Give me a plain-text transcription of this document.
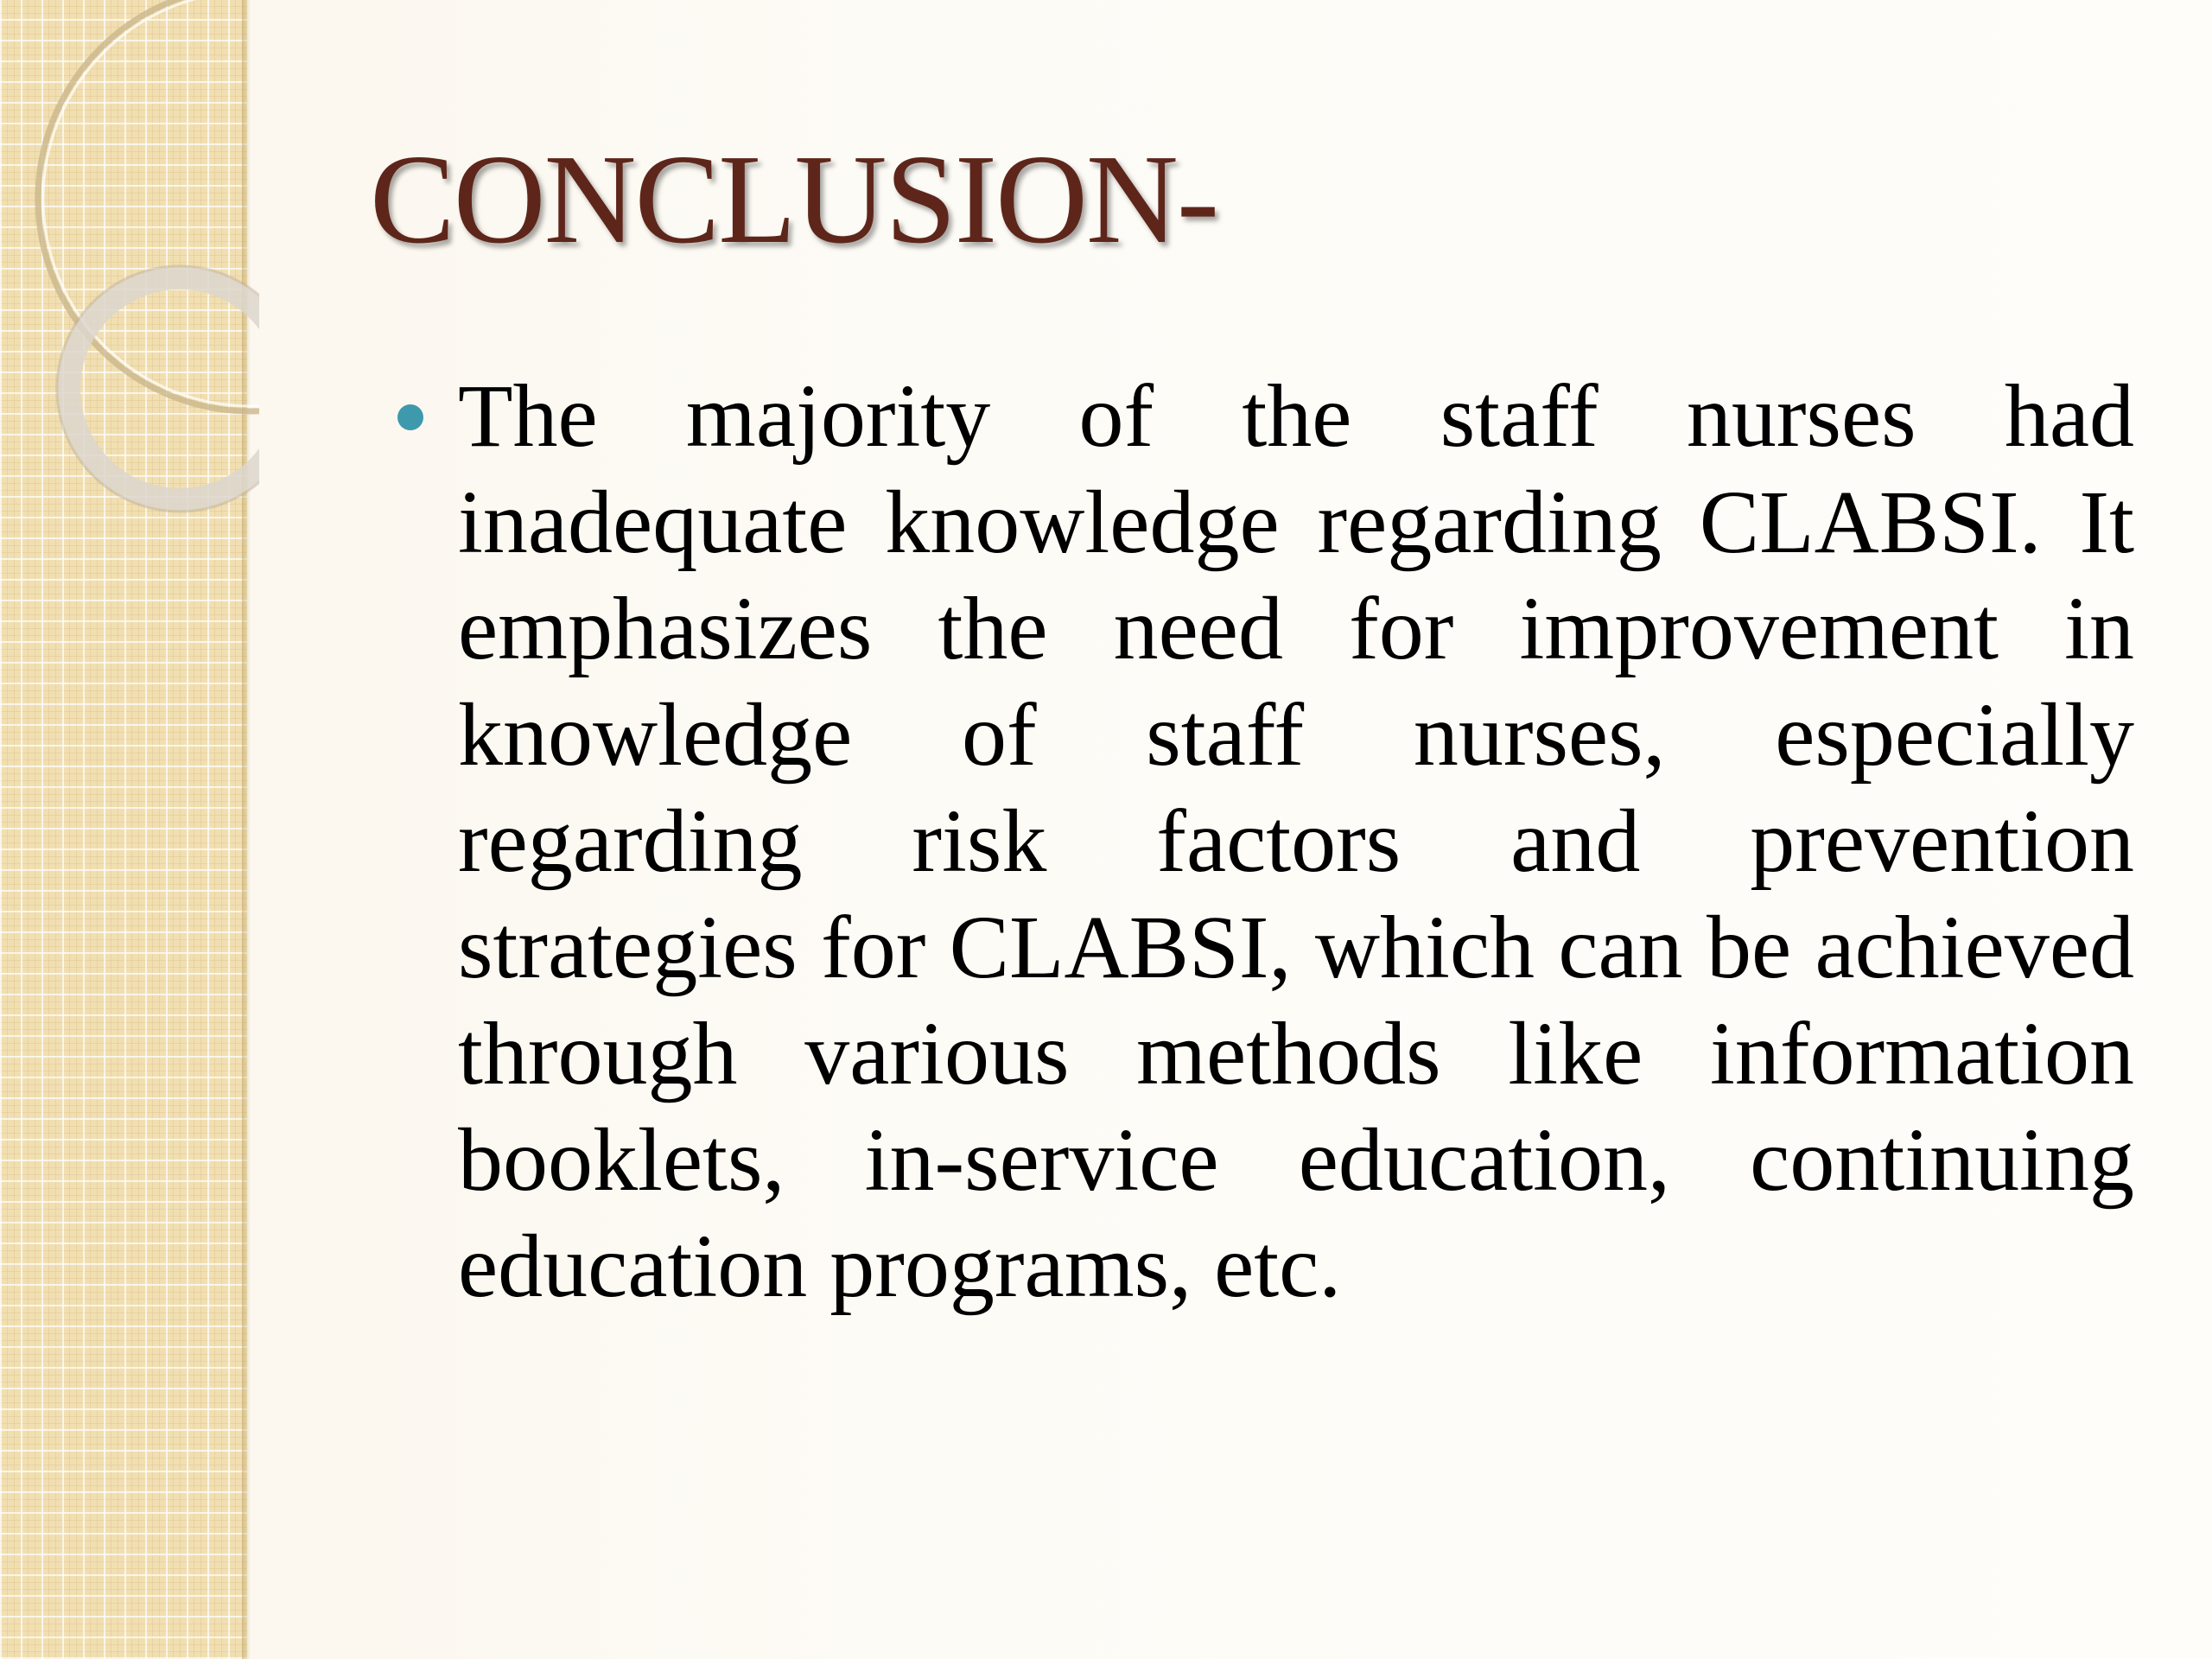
CONCLUSION-

The majority of the staff nurses had inadequate knowledge regarding CLABSI. It emphasizes the need for improvement in knowledge of staff nurses, especially regarding risk factors and prevention strategies for CLABSI, which can be achieved through various methods like information booklets, in-service education, continuing education programs, etc.
